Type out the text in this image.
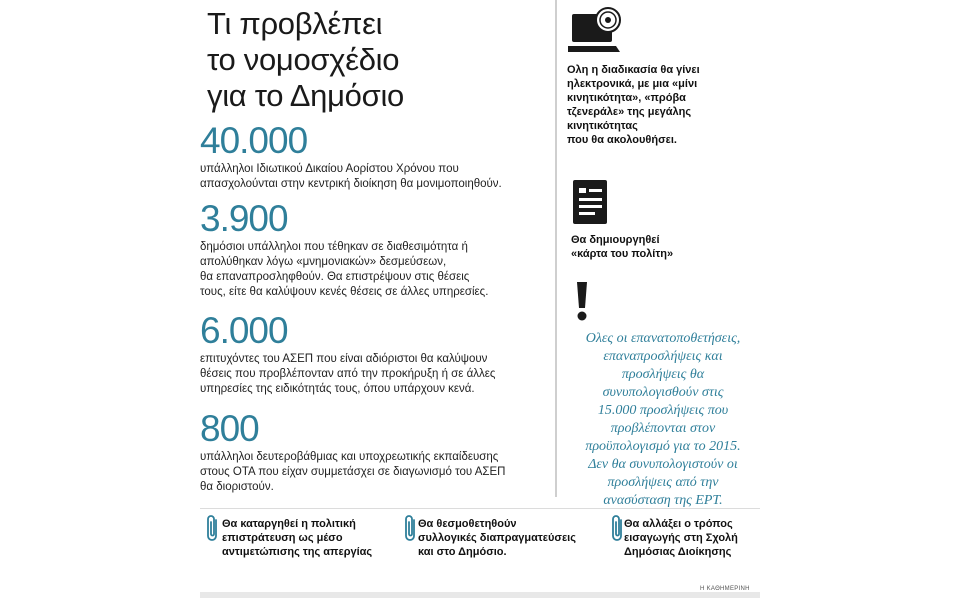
Τι προβλέπει
το νομοσχέδιο
για το Δημόσιο
40.000
υπάλληλοι Ιδιωτικού Δικαίου Αορίστου Χρόνου που
απασχολούνται στην κεντρική διοίκηση θα μονιμοποιηθούν.
3.900
δημόσιοι υπάλληλοι που τέθηκαν σε διαθεσιμότητα ή
απολύθηκαν λόγω «μνημονιακών» δεσμεύσεων,
θα επαναπροσληφθούν. Θα επιστρέψουν στις θέσεις
τους, είτε θα καλύψουν κενές θέσεις σε άλλες υπηρεσίες.
6.000
επιτυχόντες του ΑΣΕΠ που είναι αδιόριστοι θα καλύψουν
θέσεις που προβλέπονταν από την προκήρυξη ή σε άλλες
υπηρεσίες της ειδικότητάς τους, όπου υπάρχουν κενά.
800
υπάλληλοι δευτεροβάθμιας και υποχρεωτικής εκπαίδευσης
στους ΟΤΑ που είχαν συμμετάσχει σε διαγωνισμό του ΑΣΕΠ
θα διοριστούν.
Ολη η διαδικασία θα γίνει
ηλεκτρονικά, με μια «μίνι
κινητικότητα», «πρόβα
τζενεράλε» της μεγάλης
κινητικότητας
που θα ακολουθήσει.
Θα δημιουργηθεί
«κάρτα του πολίτη»
Ολες οι επανατοποθετήσεις,
επαναπροσλήψεις και
προσλήψεις θα
συνυπολογισθούν στις
15.000 προσλήψεις που
προβλέπονται στον
προϋπολογισμό για το 2015.
Δεν θα συνυπολογιστούν οι
προσλήψεις από την
ανασύσταση της ΕΡΤ.
Θα καταργηθεί η πολιτική
επιστράτευση ως μέσο
αντιμετώπισης της απεργίας
Θα θεσμοθετηθούν
συλλογικές διαπραγματεύσεις
και στο Δημόσιο.
Θα αλλάξει ο τρόπος
εισαγωγής στη Σχολή
Δημόσιας Διοίκησης
Η ΚΑΘΗΜΕΡΙΝΗ
